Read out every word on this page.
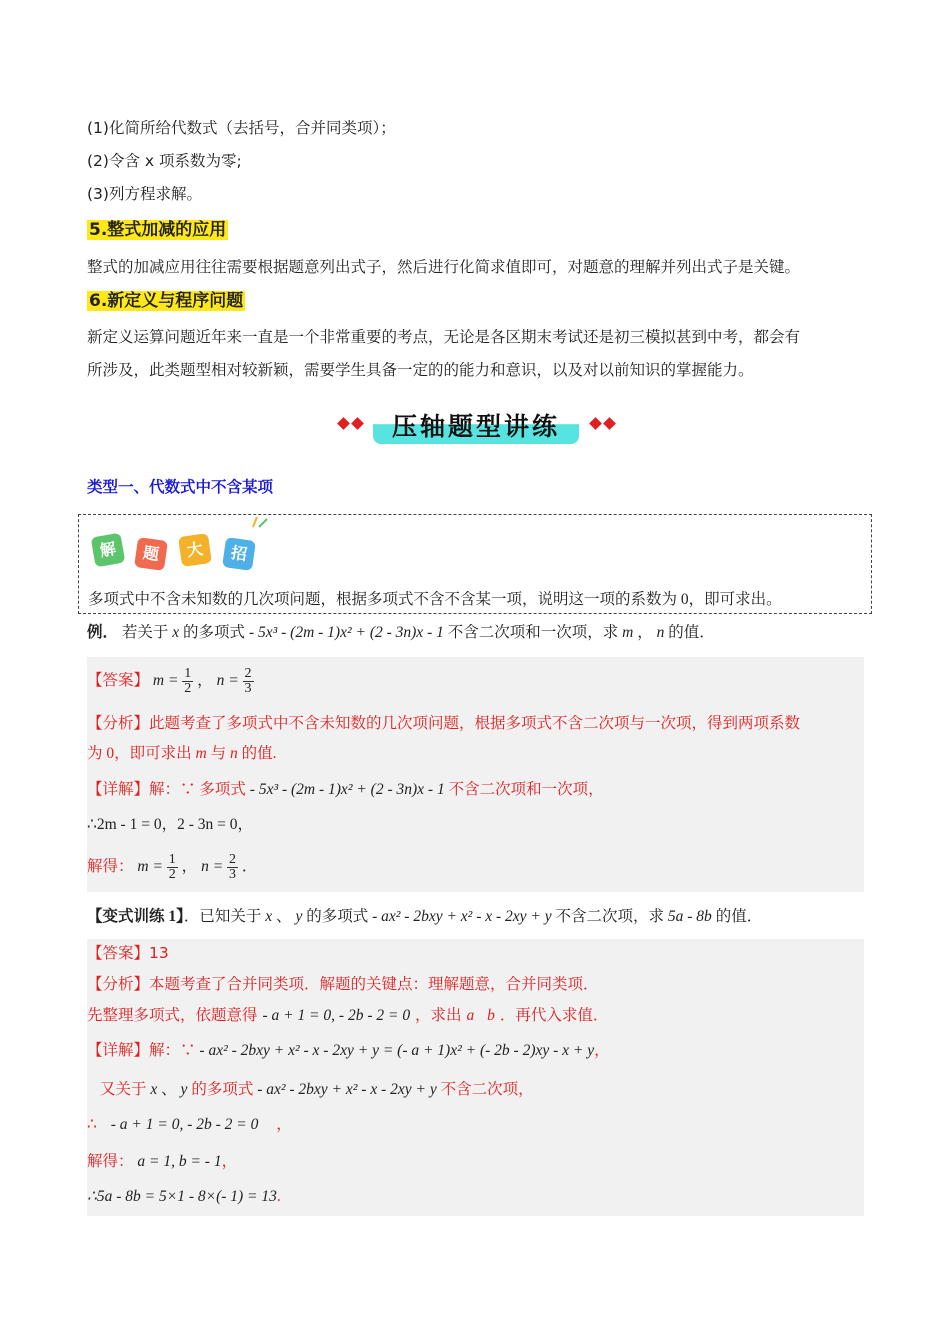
(1)化简所给代数式（去括号，合并同类项）；
(2)令含 x 项系数为零;
(3)列方程求解。
5.整式加减的应用
整式的加减应用往往需要根据题意列出式子，然后进行化简求值即可，对题意的理解并列出式子是关键。
6.新定义与程序问题
新定义运算问题近年来一直是一个非常重要的考点，无论是各区期末考试还是初三模拟甚到中考，都会有
所涉及，此类题型相对较新颖，需要学生具备一定的的能力和意识，以及对以前知识的掌握能力。
压轴题型讲练
类型一、代数式中不含某项
解	题	大	招
多项式中不含未知数的几次项问题，根据多项式不含不含某一项，说明这一项的系数为 0，即可求出。
例． 若关于 x 的多项式 - 5x³ - (2m - 1)x² + (2 - 3n)x - 1 不含二次项和一次项，求 m ， n 的值．
【答案】 $m = \frac{1}{2}$ ， $n = \frac{2}{3}$
【分析】此题考查了多项式中不含未知数的几次项问题，根据多项式不含二次项与一次项，得到两项系数
为 0，即可求出 m 与 n 的值.
【详解】解：∵ 多项式 - 5x³ - (2m - 1)x² + (2 - 3n)x - 1 不含二次项和一次项，
∴2m - 1 = 0，2 - 3n = 0，
解得： $m = \frac{1}{2}$ ， $n = \frac{2}{3}$ ．
【变式训练 1】．已知关于 x 、 y 的多项式 - ax² - 2bxy + x² - x - 2xy + y 不含二次项，求 5a - 8b 的值．
【答案】13
【分析】本题考查了合并同类项．解题的关键点：理解题意，合并同类项．
先整理多项式，依题意得 - a + 1 = 0, - 2b - 2 = 0 ，求出 a b ．再代入求值．
【详解】解：∵ - ax² - 2bxy + x² - x - 2xy + y = (- a + 1)x² + (- 2b - 2)xy - x + y，
又关于 x 、 y 的多项式 - ax² - 2bxy + x² - x - 2xy + y 不含二次项，
∴ - a + 1 = 0, - 2b - 2 = 0 ，
解得： a = 1, b = - 1，
∴5a - 8b = 5×1 - 8×(- 1) = 13.
